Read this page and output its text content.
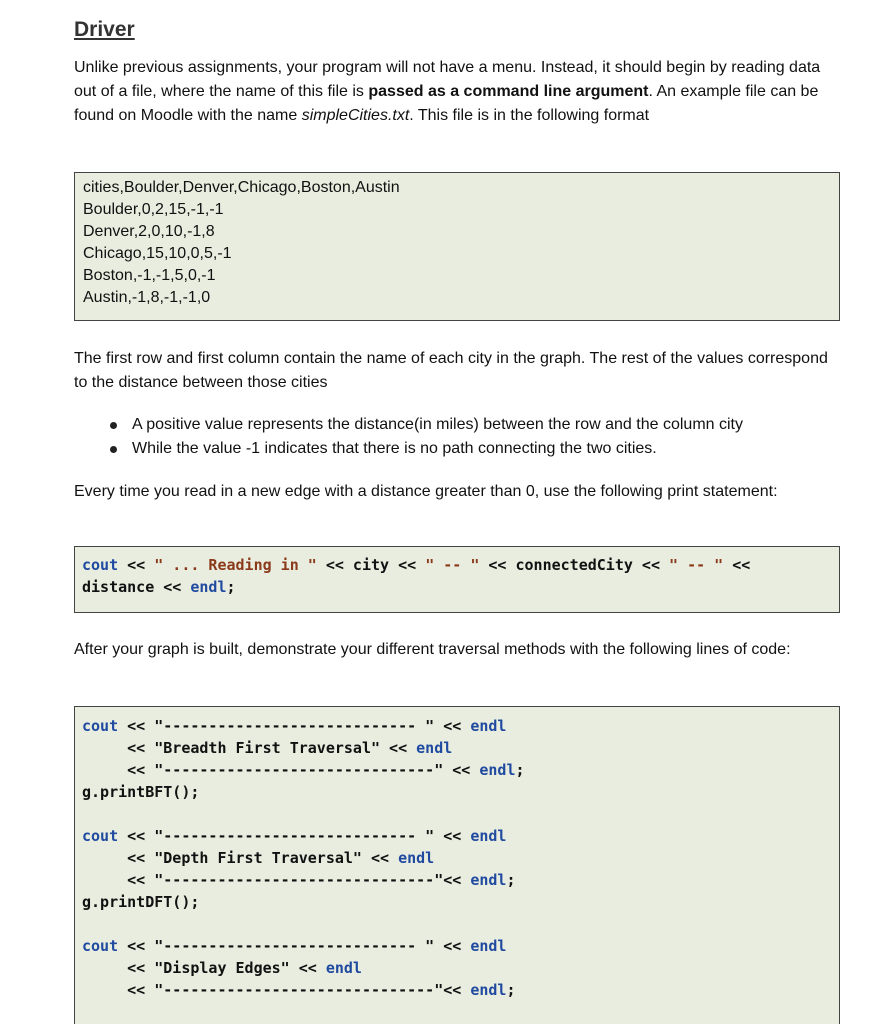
Driver

Unlike previous assignments, your program will not have a menu. Instead, it should begin by reading data out of a file, where the name of this file is passed as a command line argument. An example file can be found on Moodle with the name simpleCities.txt. This file is in the following format

cities,Boulder,Denver,Chicago,Boston,Austin
Boulder,0,2,15,-1,-1
Denver,2,0,10,-1,8
Chicago,15,10,0,5,-1
Boston,-1,-1,5,0,-1
Austin,-1,8,-1,-1,0

The first row and first column contain the name of each city in the graph. The rest of the values correspond to the distance between those cities

A positive value represents the distance(in miles) between the row and the column city
While the value -1 indicates that there is no path connecting the two cities.

Every time you read in a new edge with a distance greater than 0, use the following print statement:

cout << " ... Reading in " << city << " -- " << connectedCity << " -- " <<
distance << endl;

After your graph is built, demonstrate your different traversal methods with the following lines of code:

cout << "---------------------------- " << endl
<< "Breadth First Traversal" << endl
<< "------------------------------" << endl;
g.printBFT();

cout << "---------------------------- " << endl
<< "Depth First Traversal" << endl
<< "------------------------------"<< endl;
g.printDFT();

cout << "---------------------------- " << endl
<< "Display Edges" << endl
<< "------------------------------"<< endl;
